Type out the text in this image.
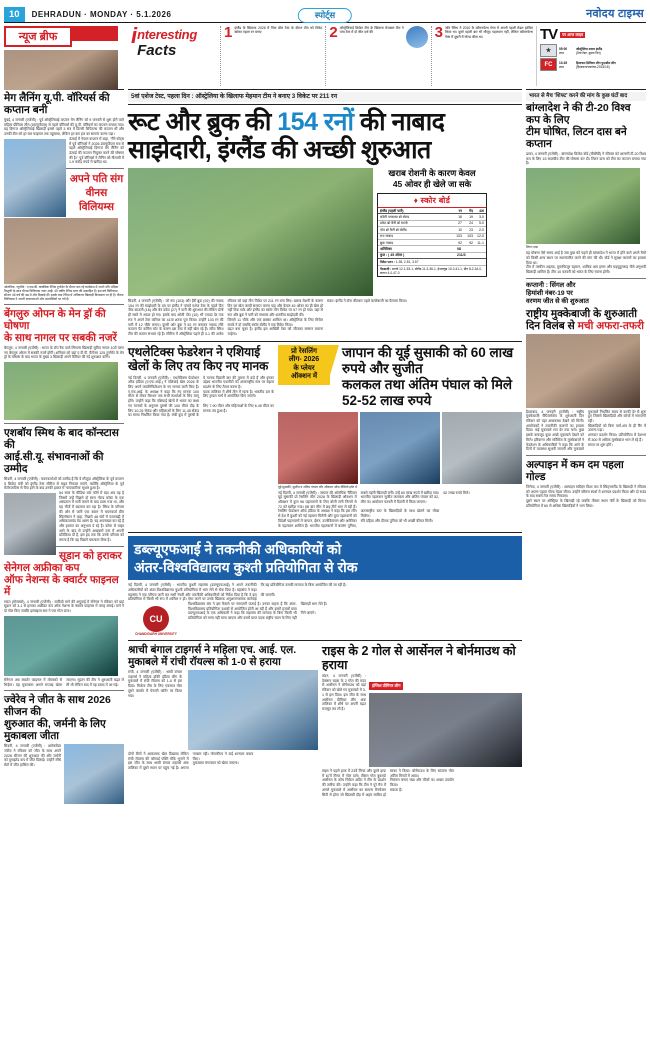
10	DEHRADUN · MONDAY · 5.1.2026	स्पोर्ट्स	नवोदय टाइम्स
न्यूज ब्रीफ	interesting
Facts
1 इंग्लैंड के खिलाफ 2026 में पिंक बॉल टेस्ट के दौरान टीम को विकेट खोकर पहला रन बनाए	2 ऑस्ट्रेलियाई क्रिकेट टीम के खिलाफ मेजबान टीम ने पांच टेस्ट में दो जीत दर्ज की	3 जॉन स्मिथ ने 2010 के कॉमनवेल्थ गेम्स में अपनी पहली मेडल हासिल किया था। दूसरे पहली बार भी मौजूद पहलवान नहीं, लेकिन कॉमनवेल्थ गेम्स में दूसरी में गोल्ड जीता था।	TV	पर आज लाइव
★	05:00
शाम
ऑस्ट्रेलिया बनाम इंग्लैंड
(5वां टेस्ट, दूसरा दिन)
FC	13:45
शाम
हिमाचल प्रिमियर लीग फुटबॉल लीग
(हिमाचल/जालंधर-2015/16)
मेग लैनिंग यू.पी. वॉरियर्स की कप्तान बनी
मुंबई, 4 जनवरी (एजेंसी) : पूर्व ऑस्ट्रेलियाई कप्तान मेग लैनिंग को 9 जनवरी से शुरू होने वाले महिला प्रीमियर लीग (डब्ल्यूपीएल) से पहले वॉरियर्स की यू.पी. वॉरियर्स का कप्तान बनाया गया। यह दिग्गज ऑस्ट्रेलियाई खिलाड़ी इससे पहले 3 सत्र में दिल्ली कैपिटल्स की कप्तान थीं और उनकी टीम को हर बार फाइनल तक पहुंचाया, लेकिन हर बार हार का सामना करना पड़ा।
ऊंचाई में नेपाल कप्तान में कहा, "मैंने स्टेट्स में पूर्व वॉरियर्स ने 2026 डब्ल्यूपीएल सत्र से पहले ऑस्ट्रेलियाई दिग्गज मेग लैनिंग को ऊंचाई की कप्तान नियुक्त करने की घोषणा की है।" पूर्व वॉरियर्स ने लैनिंग को नीलामी में 1.9 करोड़ रुपये में खरीदा था।
अपने पति संग वीनस विलियम्स
ओलंपिक, न्यूयॉर्क : ए.एस.बी. क्लासिक टेनिस टूर्नामेंट के दौरान चल रहे कार्यक्रम में अपने पति अंद्रिया प्रिजुली के साथ वीनस विलियम्स नजर आईं। 45 वर्षीय टेनिस स्टार की उत्साहित हैं। इस वर्ष विलियम्स सीजन 46 वर्ष की उम्र में और दिखाई दीं। इसके बाद टेनिस में अधिकतर खिलाड़ी विश्वस्तर पर ही हैं। वीनस विलियम्स ने अपनी सफलताओं और उपलब्धियों पर गर्व है।
बेंगलुरु ओपन के मेन ड्रॉ की घोषणा
के साथ नागल पर सबकी नजरें
बेंगलुरु, 4 जनवरी (एजेंसी) : भारत के टॉप रैंक वाले सिंगल्स खिलाड़ी सुमित नागल 10वें चरण नए बेंगलुरु ओपन में सबकी नजरें होंगी। शनिवार को यहां ए.टी.पी. चैलेंजर 125 टूर्नामेंट के मेन ड्रॉ के घोषणा के बाद भारत के मुख्य 3 खिलाड़ी अपने कैरियर की नई शुरुआत करेंगे।
एशबॉय स्मिथ के बाद कॉन्स्टास की
आई.सी.यू. संभावनाओं की उम्मीद
सिडनी, 4 जनवरी (एजेंसी) : चयनकर्ताओं को उम्मीद है कि वे मौजूदा ऑस्ट्रेलिया के पूर्व कप्तान व क्रिकेट मंत्री को इंग्लैंड टेस्ट सीरीज से बाहर निकाल पाएंगे, क्योंकि ऑस्ट्रेलिया के पूर्व मेंटॉरजाटिस से चैंपा होने के बाद उनकी हालत में 'चमत्कारिक' सुधार हुआ है।
54 साल के मीडिया वर्क फॉर्म में बड़ा अब यह है जिसमें उन्हें पिछले दो साल गोल्ड कोस्ट के एक अस्पताल में भर्ती कराने के बाद डाला गया था, और यह चीजें में बदलाव कर रहा है। स्मिथ के परिवार की ओर से जारी एक बयान में चयनकर्ता ग्रीम स्विलॉस्टन ने कहा, पिछले 48 घंटों में पटलबढ़ी में अधिकतमवंद मेड अलग है। वह अपनाखर कर रहे हैं और हालात का अनुभाव दे रहे हैं। कोमा से बाहर आने के बाद से उन्होंने अखबारों तक में अपनी प्रतिक्रिया दी है, इस हद तक कि उनके परिवार को लगता है कि वह पिछले चमत्कार जैसा है।
सूडान को हराकर सेनेगल अफ्रीका कप
ऑफ नेशन्स के क्वार्टर फाइनल में
रबात (मोरक्को), 4 जनवरी (एजेंसी) : सादियो माने की अगुवाई में सेनेगल ने रविवार को यहां सूडान को 3-1 से हराकर अफ्रीका कप ऑफ नेशन्स के क्वार्टर फाइनल में जगह बनाई। माने ने दो गोल किए जबकि इस्माइला सार ने एक गोल दागा।
सेनेगल अब क्वार्टर फाइनल में मोरक्को से भिड़ेगा। यह मुकाबला अगले सप्ताह खेला जाएगा। सूडान की टीम ने शुरुआती बढ़त ले ली थी लेकिन बाद में वह दबाव में आ गई।
ज्वेरेव ने जीत के साथ 2026 सीजन की
शुरुआत की, जर्मनी के लिए मुकाबला जीता
सिडनी, 4 जनवरी (एजेंसी) : अलेक्जेंडर ज्वेरेव ने रविवार को जीत के साथ अपने 2026 सीजन की शुरुआत की और जर्मनी को यूनाइटेड कप में जीत दिलाई। उन्होंने सीधे सेटों में जीत हासिल की।
5वां एशेज टेस्ट, पहला दिन : ऑस्ट्रेलिया के खिलाफ मेहमान टीम ने बनाए 3 विकेट पर 211 रन
रूट और ब्रुक की 154 रनों की नाबाद
साझेदारी, इंग्लैंड की अच्छी शुरुआत
खराब रोशनी के कारण केवल
45 ओवर ही खेले जा सके
♦ स्कोर बोर्ड
इंग्लैंड (पहली पारी)	रन	गेंद	4/6
क्रॉली पगबाधा ब्रो बोल्ड	16	19	3-0
डकेट ब्रो कैरी ब्रो स्टार्क	27	24	5-0
पोप ब्रो कैरी ब्रो बोलैंड	10	23	2-0
रूट नाबाद	103	103	12-0
ब्रुक नाबाद	92	92	11-1
अतिरिक्त	08		
कुल : ( 45 ओवर )	211/3		
विकेट पतन : 1-35, 2-51, 3-57
गेंदबाजी : स्टार्क 12-1-53-1, बोलैंड 11-3-36-1, हेजलवुड 10-0-41-1, ग्रीन 8-2-34-0, लायन 4-0-47-0
सिडनी, 4 जनवरी (एजेंसी) : जो रूट (103) और हैरी ब्रुक (92) की नाबाद 154 रन की साझेदारी के दम पर इंग्लैंड ने पांचवें एशेज टेस्ट के पहले दिन रविवार को यहां तीन विकेट पर 211 रन बना लिए। खराब रोशनी के कारण दिन का खेल जल्दी समाप्त करना पड़ा और केवल 45 ओवर का ही खेल हो सका। इंग्लैंड ने टॉस जीतकर पहले बल्लेबाजी का फैसला किया।
जैक क्राउली (16) और बेन डकेट (27) ने पारी की शुरुआत की लेकिन दोनों ही सस्ते में आउट हो गए। इसके बाद ओली पोप (10) भी ज्यादा देर तक नहीं टिक सके और इंग्लैंड का स्कोर तीन विकेट पर 57 रन हो गया। यहां से रूट और ब्रुक ने पारी को संभाला और शतकीय साझेदारी की।
रूट ने अपने टेस्ट करियर का 41वां शतक पूरा किया। उन्होंने 103 रन की पारी में 12 चौके लगाए। दूसरी ओर ब्रुक ने 92 रन बनाकर नाबाद लौटे जिसमें 11 चौके और एक छक्का शामिल था। ऑस्ट्रेलिया के लिए मिचेल स्टार्क ने दो जबकि स्कॉट बोलैंड ने एक विकेट लिया।
कप्तान पैट कमिंस चोट के कारण इस टेस्ट में नहीं खेल रहे हैं। स्टीव स्मिथ टीम की कमान संभाल रहे हैं। सीरीज में ऑस्ट्रेलिया पहले ही 3-1 की अजेय बढ़त बना चुका है। इंग्लैंड इस आखिरी टेस्ट को जीतकर सम्मान बचाना चाहेगा।
एथलेटिक्स फेडरेशन ने एशियाई
खेलों के लिए तय किए नए मानक
नई दिल्ली, 4 जनवरी (एजेंसी) : एथलेटिक्स फेडरेशन ऑफ इंडिया (ए.एफ.आई.) ने एशियाई खेल 2026 के लिए अपने क्वालिफिकेशन के नए मानक जारी किए हैं। ये मानक पिछली बार की तुलना में कड़े हैं और इनका उद्देश्य भारतीय एथलीटों को अंतरराष्ट्रीय स्तर पर बेहतर प्रदर्शन के लिए तैयार करना है।
ए.एफ.आई. के अध्यक्ष ने कहा कि नए मानक 100 मीटर से लेकर मैराथन तक सभी स्पर्धाओं के लिए लागू होंगे। उन्होंने कहा कि एशियाई खेलों में भारत का लक्ष्य पदक तालिका में शीर्ष तीन में रहना है। भारतीय दल के लिए ट्रायल मार्च में आयोजित किए जाएंगे।
नए मानकों के अनुसार पुरुषों की 100 मीटर दौड़ के लिए 10.25 सेकंड और महिलाओं के लिए 11.45 सेकंड का समय निर्धारित किया गया है। लंबी कूद में पुरुषों के लिए 7.90 मीटर और महिलाओं के लिए 6.45 मीटर का मानक तय हुआ है।
प्रो रेसलिंग
लीग- 2026
के प्लेयर
ऑक्शन में
जापान की यूई सुसाकी को 60 लाख रुपये और सुजीत
कलकल तथा अंतिम पंघाल को मिले 52-52 लाख रुपये
यूई सुसाकी, सुजीत व अंतिम पंघाल और ऑक्शन ऑफ वीडियो इवेंट में
नई दिल्ली, 4 जनवरी (एजेंसी) : जापान की ओलंपिक चैंपियन यूई सुसाकी प्रो रेसलिंग लीग 2026 के खिलाड़ी ऑक्शन में सबसे महंगी खिलाड़ी बनीं। उन्हें 60 लाख रुपये में खरीदा गया। भारतीय पहलवान सुजीत कलकल और अंतिम पंघाल को 52-52 लाख रुपये मिले।
ऑक्शन में कुल 96 पहलवानों के लिए बोली लगी जिनमें से 72 को खरीदा गया। इस बार लीग में छह टीमें भाग ले रही हैं। लीग का आयोजन फरवरी में दिल्ली में किया जाएगा।
रेसलिंग फेडरेशन ऑफ इंडिया के अध्यक्ष ने कहा कि इस लीग से देश में कुश्ती को नई पहचान मिलेगी और युवा पहलवानों को अंतरराष्ट्रीय स्तर के खिलाड़ियों के साथ खेलने का मौका मिलेगा।
विदेशी पहलवानों में जापान, ईरान, उज्बेकिस्तान और अमेरिका के पहलवान शामिल हैं। भारतीय पहलवानों में बजरंग पुनिया, रवि दहिया और दीपक पुनिया को भी अच्छी कीमत मिली।
डब्ल्यूएफआई ने तकनीकी अधिकारियों को
अंतर-विश्वविद्यालय कुश्ती प्रतियोगिता से रोक
नई दिल्ली, 4 जनवरी (एजेंसी) : भारतीय कुश्ती महासंघ (डब्ल्यूएफआई) ने अपने तकनीकी अधिकारियों को अंतर-विश्वविद्यालय कुश्ती प्रतियोगिता में भाग लेने से रोक दिया है। महासंघ ने कहा कि यह प्रतियोगिता उसकी मान्यता के बिना आयोजित की जा रही है।
महासंघ ने एक परिपत्र जारी कर सभी रेफरी और तकनीकी अधिकारियों को निर्देश दिया है कि वे इस प्रतियोगिता में किसी भी रूप में शामिल न हों। ऐसा करने पर उनके खिलाफ अनुशासनात्मक कार्रवाई की जाएगी।
CU
CHANDIGARH UNIVERSITY
विश्वविद्यालय संघ ने इस फैसले पर नाराजगी जताई है। उनका कहना है कि अंतर-विश्वविद्यालय प्रतियोगिता दशकों से आयोजित होती आ रही है और इसमें हजारों छात्र खिलाड़ी भाग लेते हैं।
डब्ल्यूएफआई के एक अधिकारी ने कहा कि महासंघ की मान्यता के बिना किसी भी प्रतियोगिता को मान्य नहीं माना जाएगा और उसमें प्राप्त पदक राष्ट्रीय चयन के लिए नहीं गिने जाएंगे।
श्राची बंगाल टाइगर्स ने महिला एच. आई. एल.
मुकाबले में रांची रॉयल्स को 1-0 से हराया
रांची, 4 जनवरी (एजेंसी) : श्राची बंगाल टाइगर्स ने महिला हॉकी इंडिया लीग के मुकाबले में रांची रॉयल्स को 1-0 से हरा दिया। विजेता टीम के लिए एकमात्र गोल दूसरे क्वार्टर में पेनल्टी कॉर्नर पर किया गया।
दोनों टीमों ने आक्रामक खेल दिखाया लेकिन रांची रॉयल्स की फॉरवर्ड पंक्ति मौके भुनाने में नाकाम रही। गोलकीपर ने कई शानदार बचाव किए।
इस जीत के साथ श्राची बंगाल टाइगर्स अंक तालिका में दूसरे स्थान पर पहुंच गई है। अगला मुकाबला मंगलवार को खेला जाएगा।
राइस के 2 गोल से आर्सेनल ने बोर्नमाउथ को हराया
लंदन, 4 जनवरी (एजेंसी) : डेक्लान राइस के 2 गोल की मदद से आर्सेनल ने बोर्नमाउथ को यहां रविवार को खेले गए मुकाबले में 3-1 से हरा दिया। इस जीत के साथ आर्सेनल प्रीमियर लीग अंक तालिका में शीर्ष पर अपनी बढ़त मजबूत कर ली है।
इंग्लिश प्रीमियर लीग
राइस ने पहले हाफ में 23वें मिनट और दूसरे हाफ में 67वें मिनट में गोल दागे। तीसरा गोल बुकायो साका ने किया। बोर्नमाउथ के लिए सांत्वना गोल अंतिम मिनटों में आया।
आर्सेनल के कोच मिकेल अर्टेटा ने टीम के प्रदर्शन की तारीफ की। उन्होंने कहा कि टीम ने पूरे मैच में नियंत्रण बनाए रखा और मौकों का अच्छा उपयोग किया।
अगले मुकाबले में आर्सेनल का सामना मैनचेस्टर सिटी से होगा जो खिताबी दौड़ में अहम साबित हो सकता है।
भारत से मैच 'शिफ्ट' करने की मांग के कुछ घंटों बाद
बांग्लादेश ने की टी-20 विश्व कप के लिए
टीम घोषित, लिटन दास बने कप्तान
ढाका, 4 जनवरी (एजेंसी) : बांग्लादेश क्रिकेट बोर्ड (बीसीबी) ने रविवार को आगामी टी-20 विश्व कप के लिए 15 सदस्यीय टीम की घोषणा कर दी। लिटन दास को टीम का कप्तान बनाया गया है।
लिटन दास
यह घोषणा ऐसे समय आई है जब कुछ घंटे पहले ही बांग्लादेश ने भारत में होने वाले अपने मैचों को किसी अन्य स्थान पर स्थानांतरित करने की मांग की थी। बोर्ड ने सुरक्षा कारणों का हवाला दिया था।
टीम में तस्कीन अहमद, मुस्तफिजुर रहमान, शाकिब अल हसन और महमूदुल्लाह जैसे अनुभवी खिलाड़ी शामिल हैं। टीम 10 फरवरी को भारत के लिए रवाना होगी।
कप्तानी : सिंगल और
हिमांशी नंबर-19 पर
वरणम जीत से की शुरुआत
राष्ट्रीय मुक्केबाजी के शुरुआती
दिन विलंब से मची अफरा-तफरी
हैदराबाद, 4 जनवरी (एजेंसी) : राष्ट्रीय मुक्केबाजी चैंपियनशिप के शुरुआती दिन रविवार को यहां अव्यवस्था देखने को मिली। मुकाबले निर्धारित समय से काफी देर से शुरू हुए जिससे खिलाड़ियों और कोचों में नाराजगी रही।
आयोजकों ने तकनीकी कारणों का हवाला दिया। कई मुकाबले रात देर तक चले। कुछ खिलाड़ियों को बिना वार्म-अप के ही रिंग में उतरना पड़ा।
इसके बावजूद कुछ अच्छे मुकाबले देखने को मिले। हरियाणा और सर्विसेज के मुक्केबाजों ने शानदार प्रदर्शन किया। प्रतियोगिता में देशभर से 300 से अधिक मुक्केबाज भाग ले रहे हैं।
फेडरेशन के अधिकारियों ने कहा कि आगे के दिनों में व्यवस्था सुधारी जाएगी और मुकाबले समय पर शुरू होंगे।
अल्पाइन में कम दम पहला गोल्ड
जिनेवा, 4 जनवरी (एजेंसी) : अल्पाइन स्कीइंग विश्व कप में स्विट्जरलैंड के खिलाड़ी ने रविवार को अपना पहला गोल्ड मेडल जीता। उन्होंने स्लैलम स्पर्धा में शानदार प्रदर्शन किया और दो राउंड के बाद सबसे तेज समय निकाला।
दूसरे स्थान पर ऑस्ट्रिया के खिलाड़ी रहे जबकि तीसरा स्थान नॉर्वे के खिलाड़ी को मिला। प्रतियोगिता में 60 से अधिक खिलाड़ियों ने भाग लिया।
